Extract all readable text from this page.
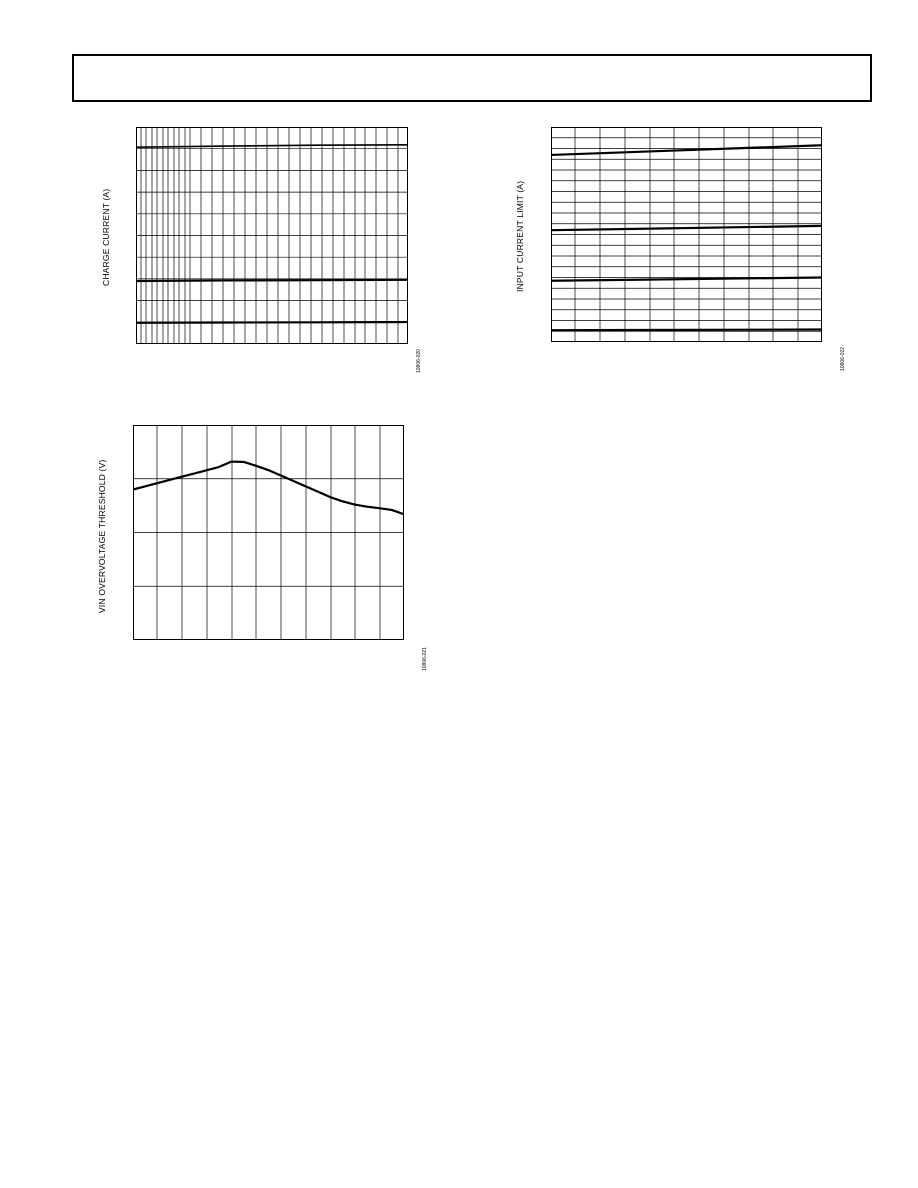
CHARGE CURRENT (A)
10806-020
INPUT CURRENT LIMIT (A)
10806-022
VIN OVERVOLTAGE THRESHOLD (V)
10806-021
